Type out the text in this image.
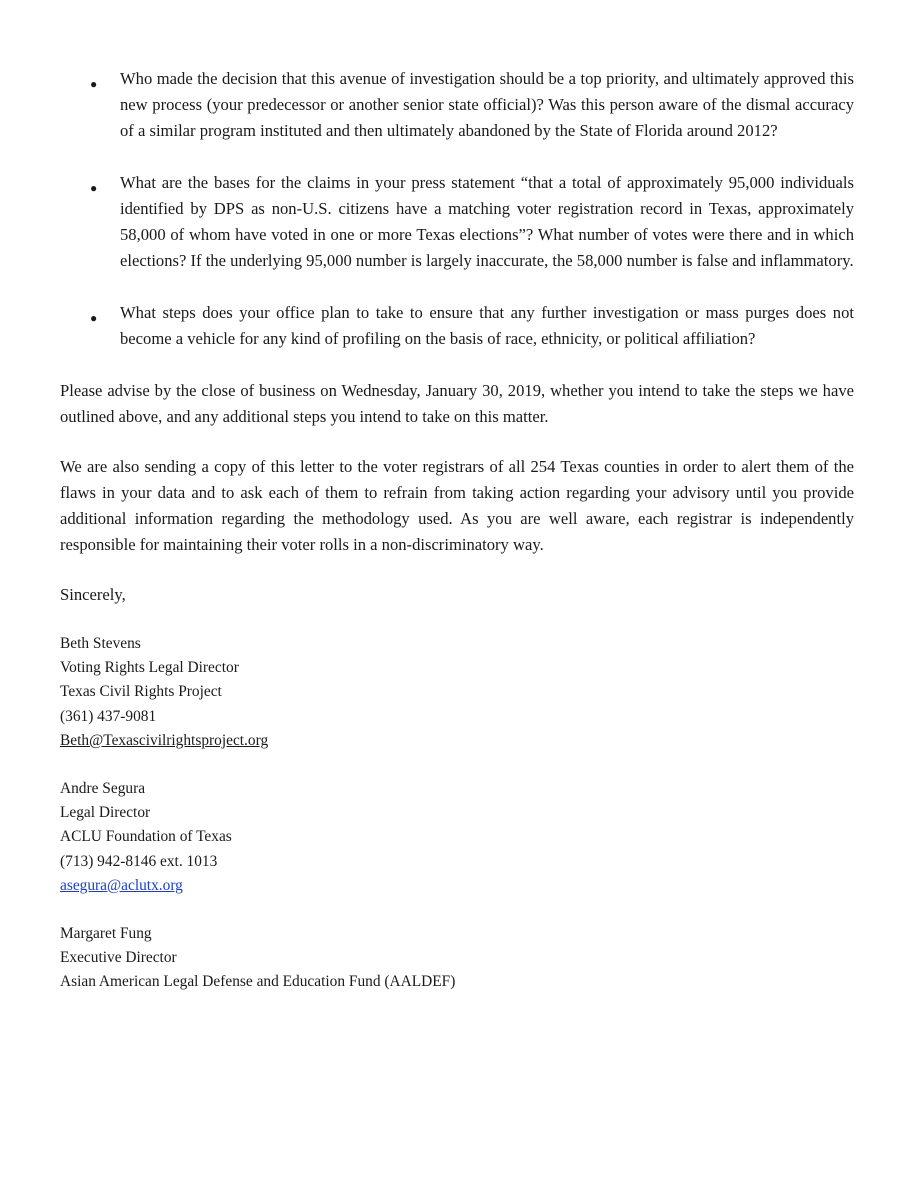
● Who made the decision that this avenue of investigation should be a top priority, and ultimately approved this new process (your predecessor or another senior state official)? Was this person aware of the dismal accuracy of a similar program instituted and then ultimately abandoned by the State of Florida around 2012?
● What are the bases for the claims in your press statement “that a total of approximately 95,000 individuals identified by DPS as non-U.S. citizens have a matching voter registration record in Texas, approximately 58,000 of whom have voted in one or more Texas elections”? What number of votes were there and in which elections? If the underlying 95,000 number is largely inaccurate, the 58,000 number is false and inflammatory.
● What steps does your office plan to take to ensure that any further investigation or mass purges does not become a vehicle for any kind of profiling on the basis of race, ethnicity, or political affiliation?

Please advise by the close of business on Wednesday, January 30, 2019, whether you intend to take the steps we have outlined above, and any additional steps you intend to take on this matter.

We are also sending a copy of this letter to the voter registrars of all 254 Texas counties in order to alert them of the flaws in your data and to ask each of them to refrain from taking action regarding your advisory until you provide additional information regarding the methodology used. As you are well aware, each registrar is independently responsible for maintaining their voter rolls in a non-discriminatory way.

Sincerely,

Beth Stevens
Voting Rights Legal Director
Texas Civil Rights Project
(361) 437-9081
Beth@Texascivilrightsproject.org
Andre Segura
Legal Director
ACLU Foundation of Texas
(713) 942-8146 ext. 1013
asegura@aclutx.org
Margaret Fung
Executive Director
Asian American Legal Defense and Education Fund (AALDEF)
